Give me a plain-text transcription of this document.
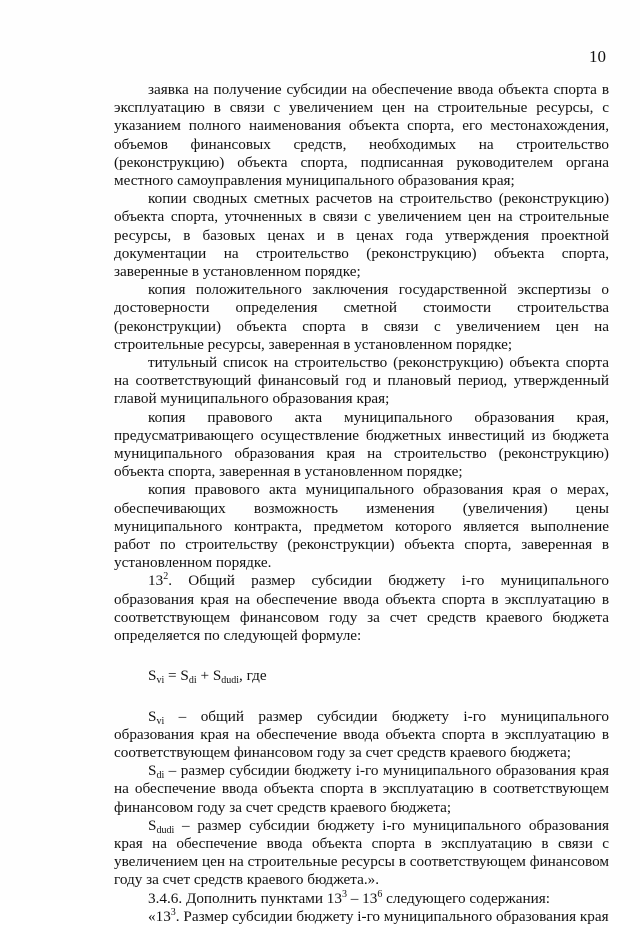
10

заявка на получение субсидии на обеспечение ввода объекта спорта в эксплуатацию в связи с увеличением цен на строительные ресурсы, с указанием полного наименования объекта спорта, его местонахождения, объемов финансовых средств, необходимых на строительство (реконструкцию) объекта спорта, подписанная руководителем органа местного самоуправления муниципального образования края;

копии сводных сметных расчетов на строительство (реконструкцию) объекта спорта, уточненных в связи с увеличением цен на строительные ресурсы, в базовых ценах и в ценах года утверждения проектной документации на строительство (реконструкцию) объекта спорта, заверенные в установленном порядке;

копия положительного заключения государственной экспертизы о достоверности определения сметной стоимости строительства (реконструкции) объекта спорта в связи с увеличением цен на строительные ресурсы, заверенная в установленном порядке;

титульный список на строительство (реконструкцию) объекта спорта на соответствующий финансовый год и плановый период, утвержденный главой муниципального образования края;

копия правового акта муниципального образования края, предусматривающего осуществление бюджетных инвестиций из бюджета муниципального образования края на строительство (реконструкцию) объекта спорта, заверенная в установленном порядке;

копия правового акта муниципального образования края о мерах, обеспечивающих возможность изменения (увеличения) цены муниципального контракта, предметом которого является выполнение работ по строительству (реконструкции) объекта спорта, заверенная в установленном порядке.

$13^2$. Общий размер субсидии бюджету i-го муниципального образования края на обеспечение ввода объекта спорта в эксплуатацию в соответствующем финансовом году за счет средств краевого бюджета определяется по следующей формуле:

$S_{vi} = S_{di} + S_{dudi}$, где

$S_{vi}$ – общий размер субсидии бюджету i-го муниципального образования края на обеспечение ввода объекта спорта в эксплуатацию в соответствующем финансовом году за счет средств краевого бюджета;

$S_{di}$ – размер субсидии бюджету i-го муниципального образования края на обеспечение ввода объекта спорта в эксплуатацию в соответствующем финансовом году за счет средств краевого бюджета;

$S_{dudi}$ – размер субсидии бюджету i-го муниципального образования края на обеспечение ввода объекта спорта в эксплуатацию в связи с увеличением цен на строительные ресурсы в соответствующем финансовом году за счет средств краевого бюджета.».

3.4.6. Дополнить пунктами $13^3 - 13^6$ следующего содержания:

«$13^3$. Размер субсидии бюджету i-го муниципального образования края
